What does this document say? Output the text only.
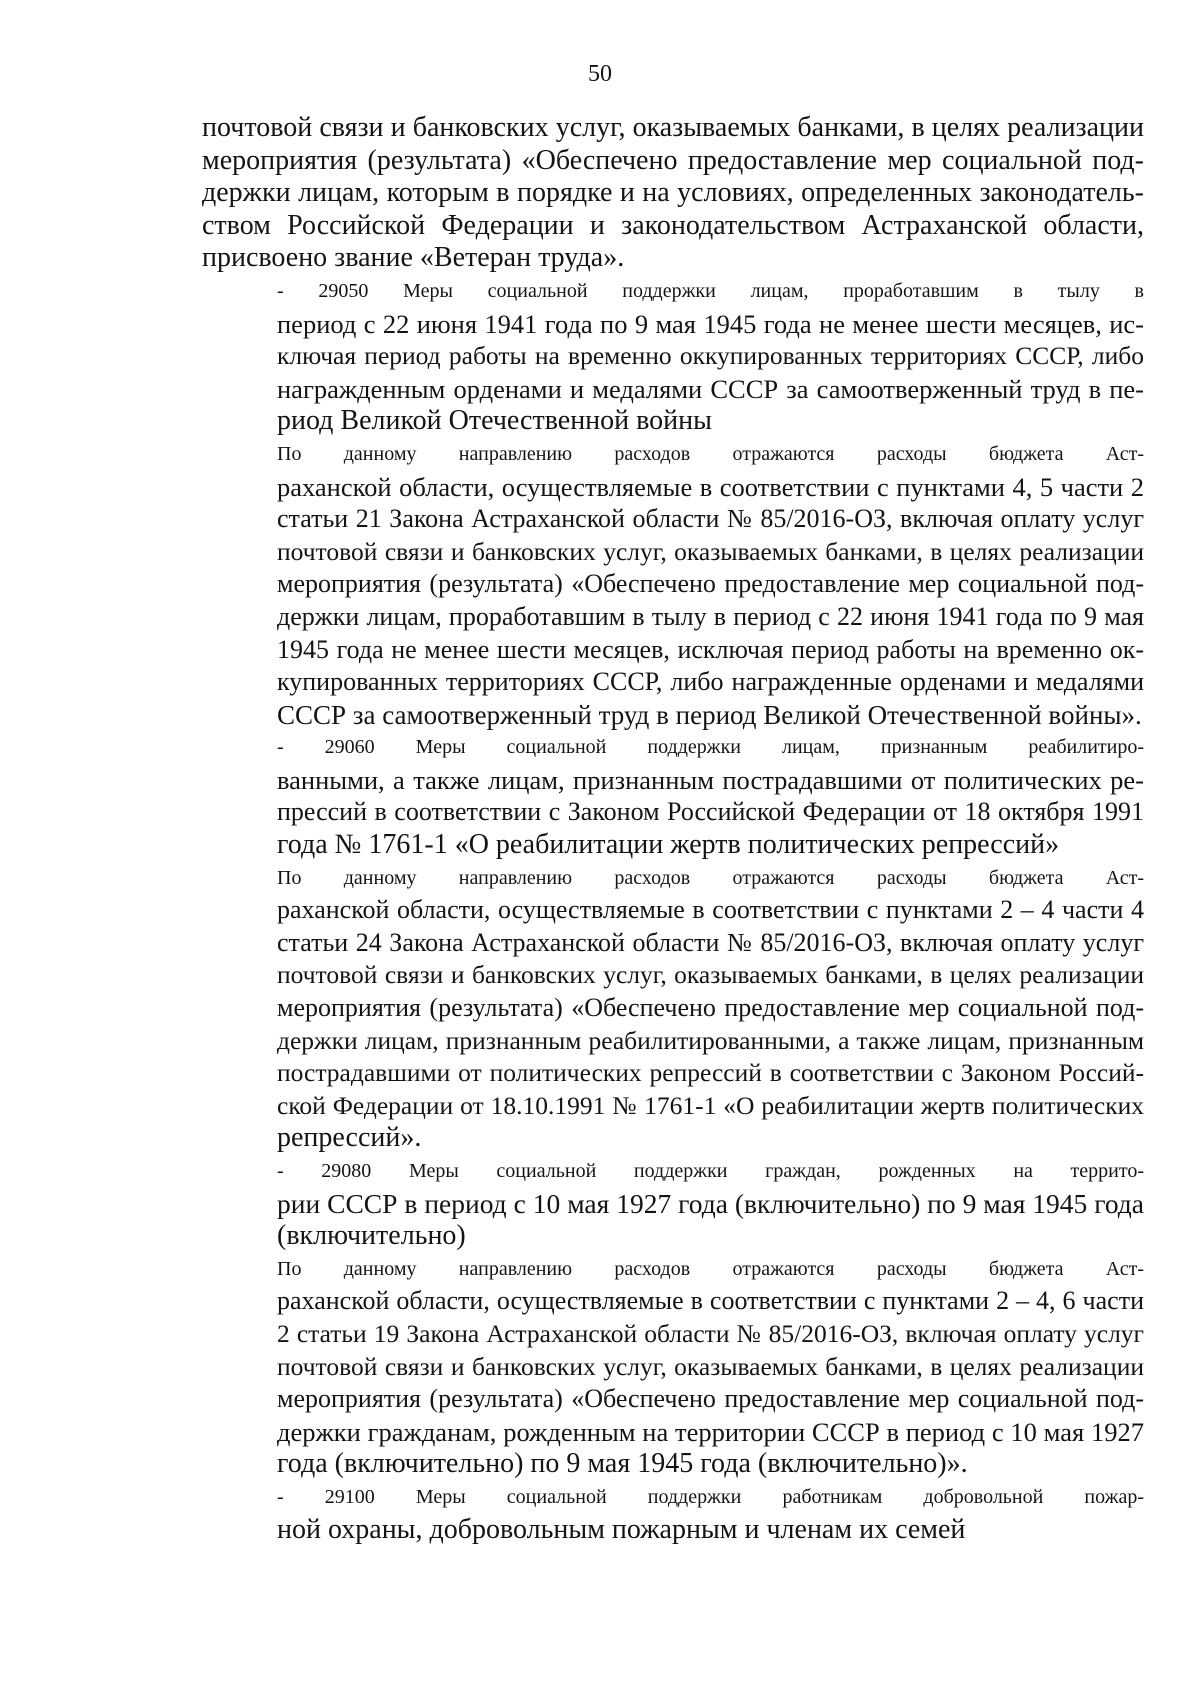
50

почтовой связи и банковских услуг, оказываемых банками, в целях реализации
мероприятия (результата) «Обеспечено предоставление мер социальной под-
держки лицам, которым в порядке и на условиях, определенных законодатель-
ством Российской Федерации и законодательством Астраханской области,
присвоено звание «Ветеран труда».

- 29050 Меры социальной поддержки лицам, проработавшим в тылу в
период с 22 июня 1941 года по 9 мая 1945 года не менее шести месяцев, ис-
ключая период работы на временно оккупированных территориях СССР, либо
награжденным орденами и медалями СССР за самоотверженный труд в пе-
риод Великой Отечественной войны

По данному направлению расходов отражаются расходы бюджета Аст-
раханской области, осуществляемые в соответствии с пунктами 4, 5 части 2
статьи 21 Закона Астраханской области № 85/2016-ОЗ, включая оплату услуг
почтовой связи и банковских услуг, оказываемых банками, в целях реализации
мероприятия (результата) «Обеспечено предоставление мер социальной под-
держки лицам, проработавшим в тылу в период с 22 июня 1941 года по 9 мая
1945 года не менее шести месяцев, исключая период работы на временно ок-
купированных территориях СССР, либо награжденные орденами и медалями
СССР за самоотверженный труд в период Великой Отечественной войны».

- 29060 Меры социальной поддержки лицам, признанным реабилитиро-
ванными, а также лицам, признанным пострадавшими от политических ре-
прессий в соответствии с Законом Российской Федерации от 18 октября 1991
года № 1761-1 «О реабилитации жертв политических репрессий»

По данному направлению расходов отражаются расходы бюджета Аст-
раханской области, осуществляемые в соответствии с пунктами 2 – 4 части 4
статьи 24 Закона Астраханской области № 85/2016-ОЗ, включая оплату услуг
почтовой связи и банковских услуг, оказываемых банками, в целях реализации
мероприятия (результата) «Обеспечено предоставление мер социальной под-
держки лицам, признанным реабилитированными, а также лицам, признанным
пострадавшими от политических репрессий в соответствии с Законом Россий-
ской Федерации от 18.10.1991 № 1761-1 «О реабилитации жертв политических
репрессий».

- 29080 Меры социальной поддержки граждан, рожденных на террито-
рии СССР в период с 10 мая 1927 года (включительно) по 9 мая 1945 года
(включительно)

По данному направлению расходов отражаются расходы бюджета Аст-
раханской области, осуществляемые в соответствии с пунктами 2 – 4, 6 части
2 статьи 19 Закона Астраханской области № 85/2016-ОЗ, включая оплату услуг
почтовой связи и банковских услуг, оказываемых банками, в целях реализации
мероприятия (результата) «Обеспечено предоставление мер социальной под-
держки гражданам, рожденным на территории СССР в период с 10 мая 1927
года (включительно) по 9 мая 1945 года (включительно)».

- 29100 Меры социальной поддержки работникам добровольной пожар-
ной охраны, добровольным пожарным и членам их семей
